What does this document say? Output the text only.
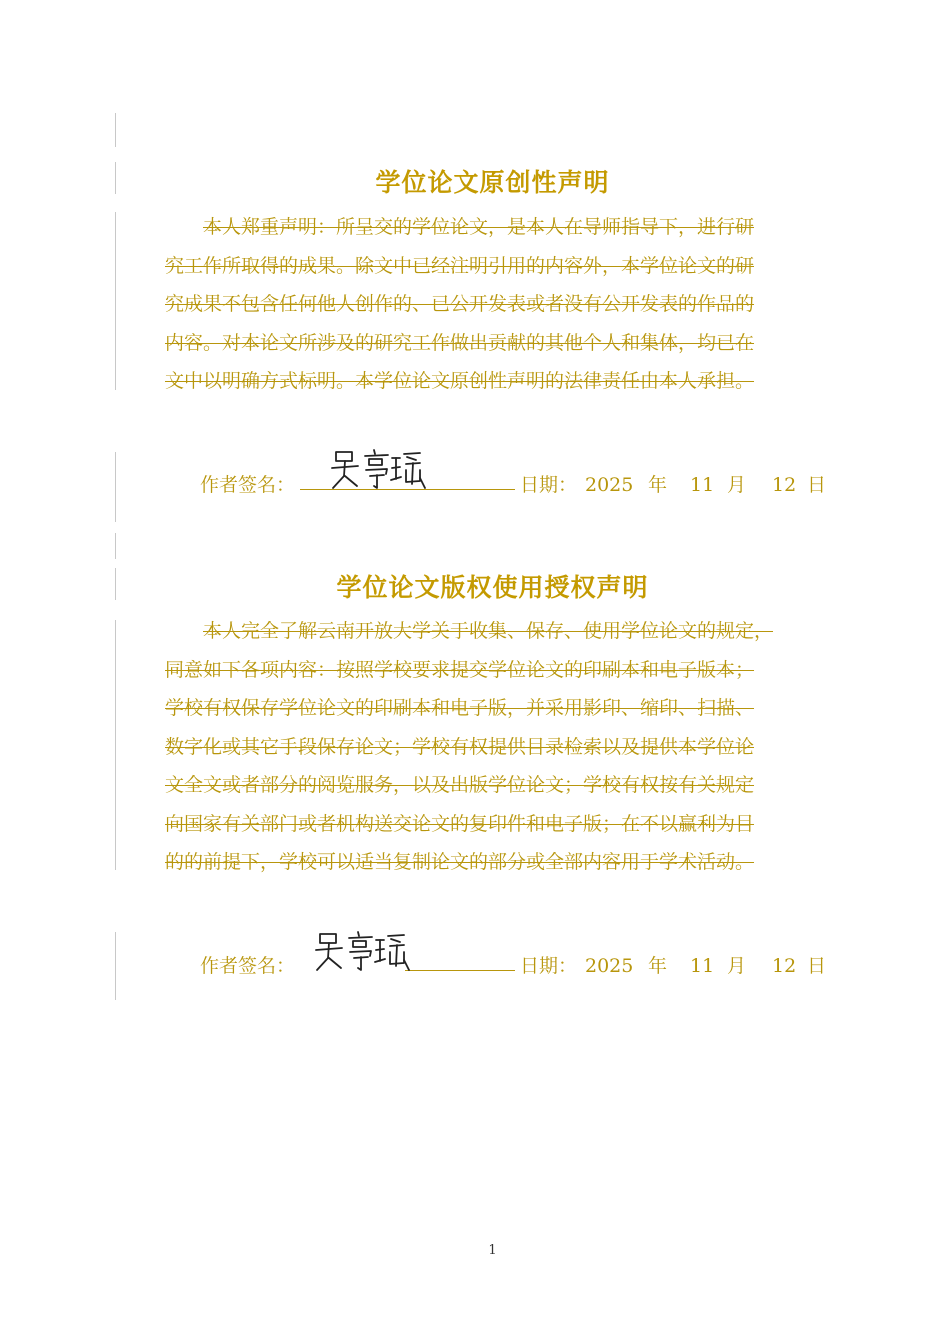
学位论文原创性声明
本人郑重声明：所呈交的学位论文，是本人在导师指导下，进行研
究工作所取得的成果。除文中已经注明引用的内容外，本学位论文的研
究成果不包含任何他人创作的、已公开发表或者没有公开发表的作品的
内容。对本论文所涉及的研究工作做出贡献的其他个人和集体，均已在
文中以明确方式标明。本学位论文原创性声明的法律责任由本人承担。
作者签名：	日期： 2025 年 11 月 12 日
学位论文版权使用授权声明
本人完全了解云南开放大学关于收集、保存、使用学位论文的规定，
同意如下各项内容：按照学校要求提交学位论文的印刷本和电子版本；
学校有权保存学位论文的印刷本和电子版，并采用影印、缩印、扫描、
数字化或其它手段保存论文；学校有权提供目录检索以及提供本学位论
文全文或者部分的阅览服务，以及出版学位论文；学校有权按有关规定
向国家有关部门或者机构送交论文的复印件和电子版；在不以赢利为目
的的前提下，学校可以适当复制论文的部分或全部内容用于学术活动。
作者签名：	日期： 2025 年 11 月 12 日
1
